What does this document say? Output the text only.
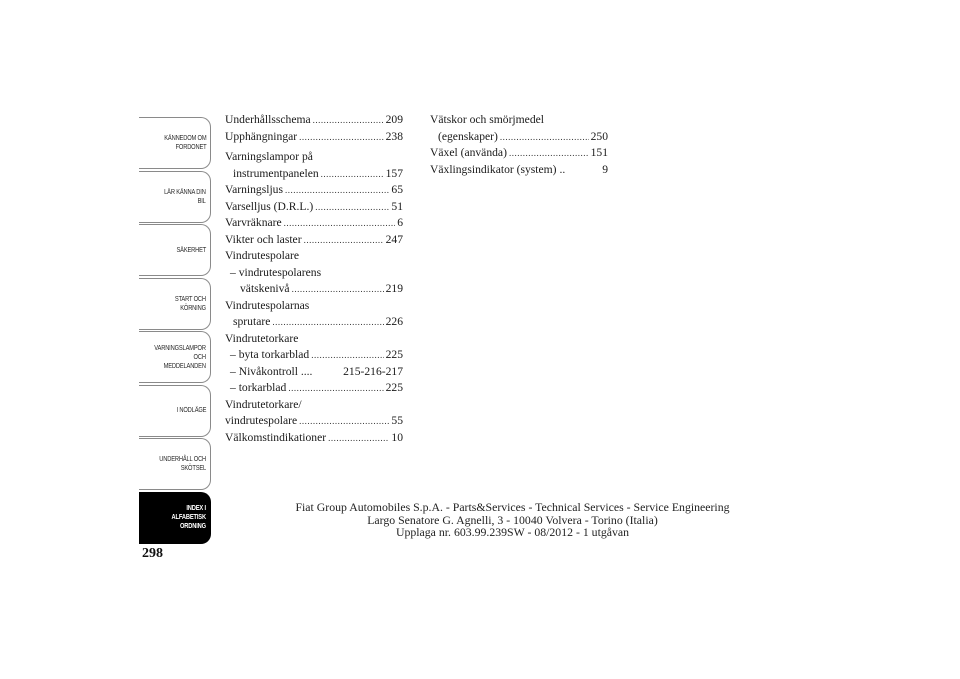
KÄNNEDOM OM
FORDONET
LÄR KÄNNA DIN
BIL
SÄKERHET
START OCH
KÖRNING
VARNINGSLAMPOR
OCH
MEDDELANDEN
I NÖDLÄGE
UNDERHÅLL OCH
SKÖTSEL
INDEX I
ALFABETISK
ORDNING
298
Underhållsschema .....	209
Upphängningar .....	238
Varningslampor på
instrumentpanelen .....	157
Varningsljus .....	65
Varselljus (D.R.L.) .....	51
Varvräknare .....	6
Vikter och laster .....	247
Vindrutespolare
– vindrutespolarens
vätskenivå .....	219
Vindrutespolarnas
sprutare .....	226
Vindrutetorkare
– byta torkarblad .....	225
– Nivåkontroll ....	215-216-217
– torkarblad .....	225
Vindrutetorkare/
vindrutespolare .....	55
Välkomstindikationer .....	10
Vätskor och smörjmedel
(egenskaper) .....	250
Växel (använda) .....	151
Växlingsindikator (system) ..	9
Fiat Group Automobiles S.p.A. - Parts&Services - Technical Services - Service Engineering
Largo Senatore G. Agnelli, 3 - 10040 Volvera - Torino (Italia)
Upplaga nr. 603.99.239SW - 08/2012 - 1 utgåvan
